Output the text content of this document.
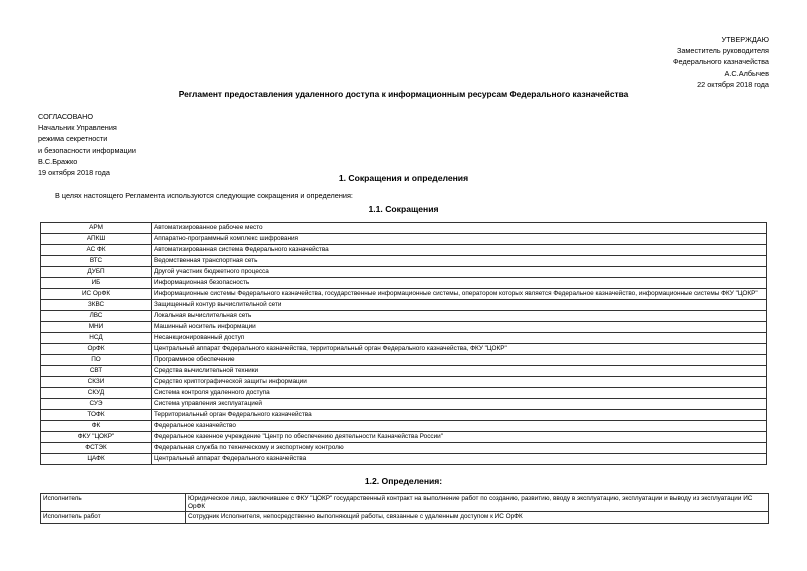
УТВЕРЖДАЮ
Заместитель руководителя
Федерального казначейства
А.С.Албычев
22 октября 2018 года
Регламент предоставления удаленного доступа к информационным ресурсам Федерального казначейства
СОГЛАСОВАНО
Начальник Управления
режима секретности
и безопасности информации
В.С.Бражко
19 октября 2018 года
1. Сокращения и определения
В целях настоящего Регламента используются следующие сокращения и определения:
1.1. Сокращения
АРМ	Автоматизированное рабочее место
АПКШ	Аппаратно-программный комплекс шифрования
АС ФК	Автоматизированная система Федерального казначейства
ВТС	Ведомственная транспортная сеть
ДУБП	Другой участник бюджетного процесса
ИБ	Информационная безопасность
ИС ОрФК	Информационные системы Федерального казначейства, государственные информационные системы, оператором которых является Федеральное казначейство, информационные системы ФКУ "ЦОКР"
ЗКВС	Защищенный контур вычислительной сети
ЛВС	Локальная вычислительная сеть
МНИ	Машинный носитель информации
НСД	Несанкционированный доступ
ОрФК	Центральный аппарат Федерального казначейства, территориальный орган Федерального казначейства, ФКУ "ЦОКР"
ПО	Программное обеспечение
СВТ	Средства вычислительной техники
СКЗИ	Средство криптографической защиты информации
СКУД	Система контроля удаленного доступа
СУЭ	Система управления эксплуатацией
ТОФК	Территориальный орган Федерального казначейства
ФК	Федеральное казначейство
ФКУ "ЦОКР"	Федеральное казенное учреждение "Центр по обеспечению деятельности Казначейства России"
ФСТЭК	Федеральная служба по техническому и экспортному контролю
ЦАФК	Центральный аппарат Федерального казначейства
1.2. Определения:
Исполнитель	Юридическое лицо, заключившее с ФКУ "ЦОКР" государственный контракт на выполнение работ по созданию, развитию, вводу в эксплуатацию, эксплуатации и выводу из эксплуатации ИС ОрФК
Исполнитель работ	Сотрудник Исполнителя, непосредственно выполняющий работы, связанные с удаленным доступом к ИС ОрФК
